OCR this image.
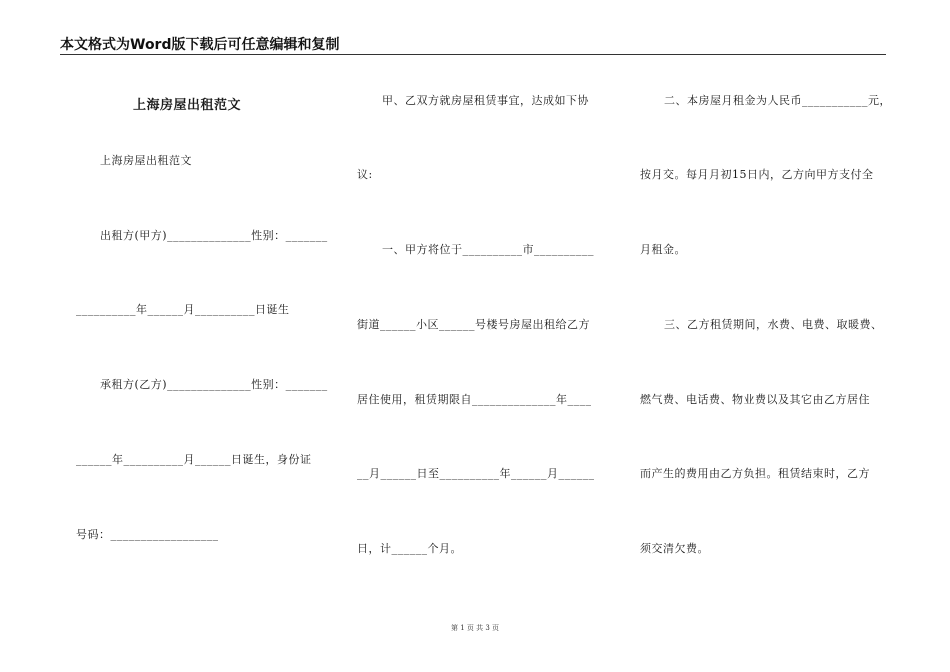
本文格式为Word版下载后可任意编辑和复制
上海房屋出租范文
上海房屋出租范文
出租方(甲方)______________性别：_______
__________年______月__________日诞生
承租方(乙方)______________性别：_______
______年__________月______日诞生，身份证
号码：__________________
甲、乙双方就房屋租赁事宜，达成如下协
议:
一、甲方将位于__________市__________
街道______小区______号楼号房屋出租给乙方
居住使用，租赁期限自______________年____
__月______日至__________年______月______
日，计______个月。
二、本房屋月租金为人民币___________元，
按月交。每月月初15日内，乙方向甲方支付全
月租金。
三、乙方租赁期间，水费、电费、取暖费、
燃气费、电话费、物业费以及其它由乙方居住
而产生的费用由乙方负担。租赁结束时，乙方
须交清欠费。
第 1 页 共 3 页
